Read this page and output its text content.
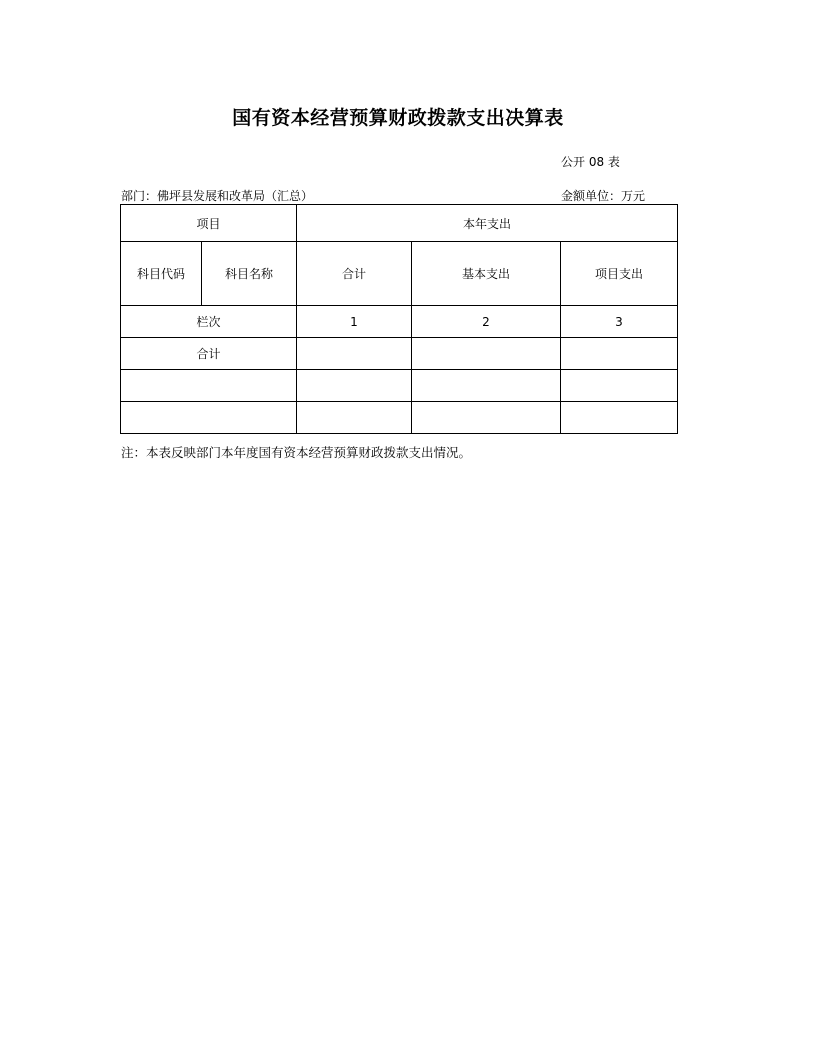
国有资本经营预算财政拨款支出决算表
公开 08 表
部门：佛坪县发展和改革局（汇总）	金额单位：万元
项目		本年支出		
科目代码	科目名称	合计	基本支出	项目支出
栏次		1	2	3
合计				

注：本表反映部门本年度国有资本经营预算财政拨款支出情况。
